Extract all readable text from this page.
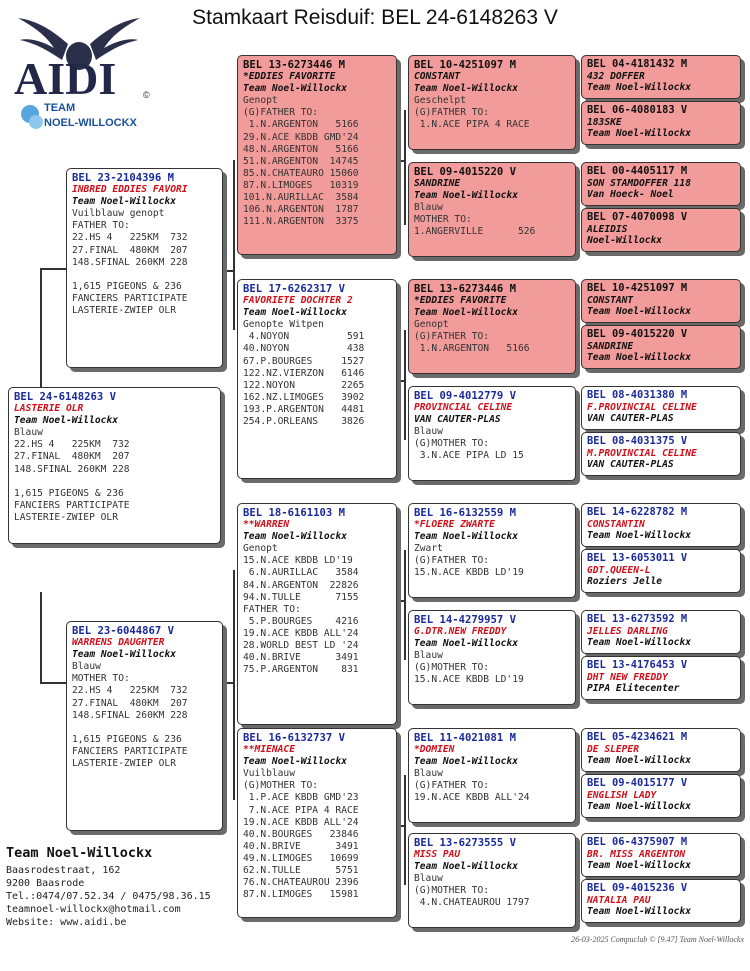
Stamkaart Reisduif: BEL 24-6148263 V
AIDI	©
TEAM
NOEL-WILLOCKX
BEL 24-6148263 V
LASTERIE OLR
Team Noel-Willockx
Blauw
22.HS 4   225KM  732
27.FINAL  480KM  207
148.SFINAL 260KM 228
1,615 PIGEONS & 236
FANCIERS PARTICIPATE
LASTERIE-ZWIEP OLR
BEL 23-2104396 M
INBRED EDDIES FAVORI
Team Noel-Willockx
Vuilblauw genopt
FATHER TO:
22.HS 4   225KM  732
27.FINAL  480KM  207
148.SFINAL 260KM 228
1,615 PIGEONS & 236
FANCIERS PARTICIPATE
LASTERIE-ZWIEP OLR
BEL 23-6044867 V
WARRENS DAUGHTER
Team Noel-Willockx
Blauw
MOTHER TO:
22.HS 4   225KM  732
27.FINAL  480KM  207
148.SFINAL 260KM 228
1,615 PIGEONS & 236
FANCIERS PARTICIPATE
LASTERIE-ZWIEP OLR
BEL 13-6273446 M
*EDDIES FAVORITE
Team Noel-Willockx
Genopt
(G)FATHER TO:
1.N.ARGENTON   5166
29.N.ACE KBDB GMD'24
48.N.ARGENTON   5166
51.N.ARGENTON  14745
85.N.CHATEAURO 15060
87.N.LIMOGES   10319
101.N.AURILLAC  3584
106.N.ARGENTON  1787
111.N.ARGENTON  3375
BEL 17-6262317 V
FAVORIETE DOCHTER 2
Team Noel-Willockx
Genopte Witpen
4.NOYON          591
40.NOYON          438
67.P.BOURGES     1527
122.NZ.VIERZON   6146
122.NOYON        2265
162.NZ.LIMOGES   3902
193.P.ARGENTON   4481
254.P.ORLEANS    3826
BEL 18-6161103 M
**WARREN
Team Noel-Willockx
Genopt
15.N.ACE KBDB LD'19
6.N.AURILLAC   3584
84.N.ARGENTON  22826
94.N.TULLE      7155
FATHER TO:
5.P.BOURGES    4216
19.N.ACE KBDB ALL'24
28.WORLD BEST LD '24
40.N.BRIVE      3491
75.P.ARGENTON    831
BEL 16-6132737 V
**MIENACE
Team Noel-Willockx
Vuilblauw
(G)MOTHER TO:
1.P.ACE KBDB GMD'23
7.N.ACE PIPA 4 RACE
19.N.ACE KBDB ALL'24
40.N.BOURGES   23846
40.N.BRIVE      3491
49.N.LIMOGES   10699
62.N.TULLE      5751
76.N.CHATEAUROU 2396
87.N.LIMOGES   15981
BEL 10-4251097 M
CONSTANT
Team Noel-Willockx
Geschelpt
(G)FATHER TO:
1.N.ACE PIPA 4 RACE
BEL 09-4015220 V
SANDRINE
Team Noel-Willockx
Blauw
MOTHER TO:
1.ANGERVILLE      526
BEL 13-6273446 M
*EDDIES FAVORITE
Team Noel-Willockx
Genopt
(G)FATHER TO:
1.N.ARGENTON   5166
BEL 09-4012779 V
PROVINCIAL CELINE
VAN CAUTER-PLAS
Blauw
(G)MOTHER TO:
3.N.ACE PIPA LD 15
BEL 16-6132559 M
*FLOERE ZWARTE
Team Noel-Willockx
Zwart
(G)FATHER TO:
15.N.ACE KBDB LD'19
BEL 14-4279957 V
G.DTR.NEW FREDDY
Team Noel-Willockx
Blauw
(G)MOTHER TO:
15.N.ACE KBDB LD'19
BEL 11-4021081 M
*DOMIEN
Team Noel-Willockx
Blauw
(G)FATHER TO:
19.N.ACE KBDB ALL'24
BEL 13-6273555 V
MISS PAU
Team Noel-Willockx
Blauw
(G)MOTHER TO:
4.N.CHATEAUROU 1797
BEL 04-4181432 M
432 DOFFER
Team Noel-Willockx
BEL 06-4080183 V
183SKE
Team Noel-Willockx
BEL 00-4405117 M
SON STAMDOFFER 118
Van Hoeck- Noel
BEL 07-4070098 V
ALEIDIS
Noel-Willockx
BEL 10-4251097 M
CONSTANT
Team Noel-Willockx
BEL 09-4015220 V
SANDRINE
Team Noel-Willockx
BEL 08-4031380 M
F.PROVINCIAL CELINE
VAN CAUTER-PLAS
BEL 08-4031375 V
M.PROVINCIAL CELINE
VAN CAUTER-PLAS
BEL 14-6228782 M
CONSTANTIN
Team Noel-Willockx
BEL 13-6053011 V
GDT.QUEEN-L
Roziers Jelle
BEL 13-6273592 M
JELLES DARLING
Team Noel-Willockx
BEL 13-4176453 V
DHT NEW FREDDY
PIPA Elitecenter
BEL 05-4234621 M
DE SLEPER
Team Noel-Willockx
BEL 09-4015177 V
ENGLISH LADY
Team Noel-Willockx
BEL 06-4375907 M
BR. MISS ARGENTON
Team Noel-Willockx
BEL 09-4015236 V
NATALIA PAU
Team Noel-Willockx
Team Noel-Willockx
Baasrodestraat, 162
9200 Baasrode
Tel.:0474/07.52.34 / 0475/98.36.15
teamnoel-willockx@hotmail.com
Website: www.aidi.be
26-03-2025 Compuclub © [9.47] Team Noel-Willockx
